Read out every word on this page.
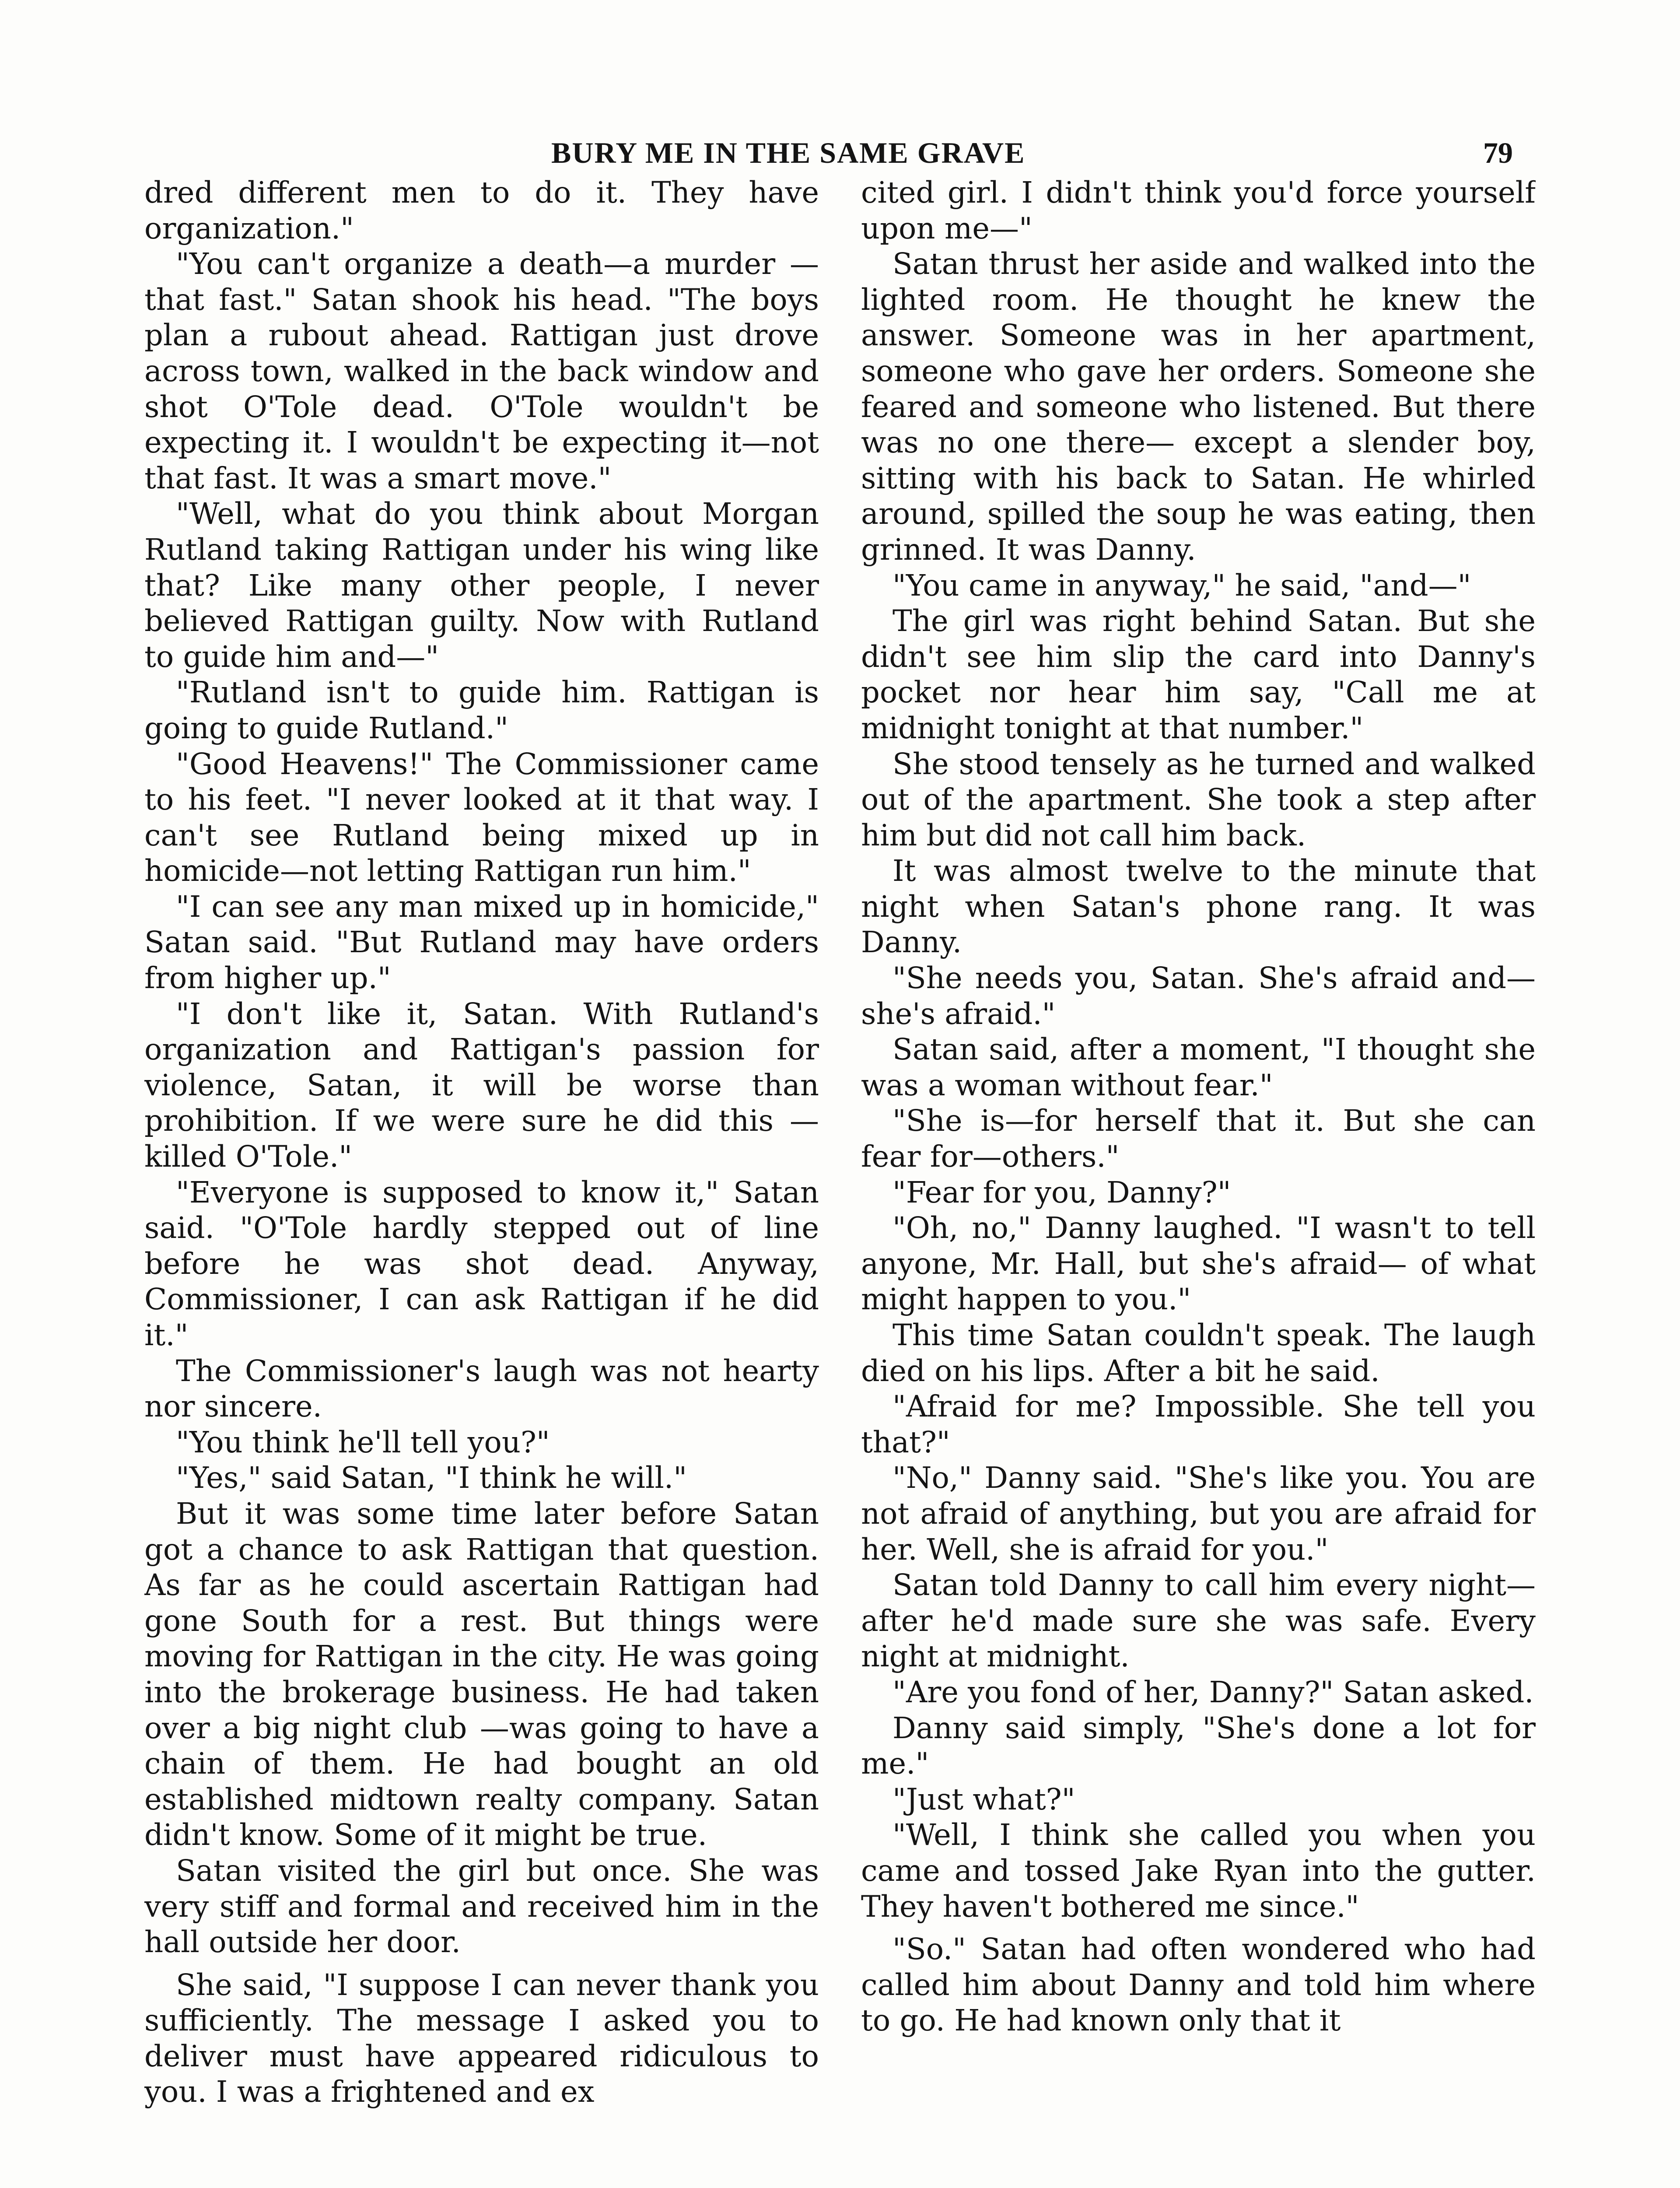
BURY ME IN THE SAME GRAVE	79

dred different men to do it. They have organization."

"You can't organize a death—a murder —that fast." Satan shook his head. "The boys plan a rubout ahead. Rattigan just drove across town, walked in the back window and shot O'Tole dead. O'Tole wouldn't be expecting it. I wouldn't be expecting it—not that fast. It was a smart move."

"Well, what do you think about Morgan Rutland taking Rattigan under his wing like that? Like many other people, I never believed Rattigan guilty. Now with Rutland to guide him and—"

"Rutland isn't to guide him. Rattigan is going to guide Rutland."

"Good Heavens!" The Commissioner came to his feet. "I never looked at it that way. I can't see Rutland being mixed up in homicide—not letting Rattigan run him."

"I can see any man mixed up in homicide," Satan said. "But Rutland may have orders from higher up."

"I don't like it, Satan. With Rutland's organization and Rattigan's passion for violence, Satan, it will be worse than prohibition. If we were sure he did this —killed O'Tole."

"Everyone is supposed to know it," Satan said. "O'Tole hardly stepped out of line before he was shot dead. Anyway, Commissioner, I can ask Rattigan if he did it."

The Commissioner's laugh was not hearty nor sincere.

"You think he'll tell you?"

"Yes," said Satan, "I think he will."

But it was some time later before Satan got a chance to ask Rattigan that question. As far as he could ascertain Rattigan had gone South for a rest. But things were moving for Rattigan in the city. He was going into the brokerage business. He had taken over a big night club —was going to have a chain of them. He had bought an old established midtown realty company. Satan didn't know. Some of it might be true.

Satan visited the girl but once. She was very stiff and formal and received him in the hall outside her door.

She said, "I suppose I can never thank you sufficiently. The message I asked you to deliver must have appeared ridiculous to you. I was a frightened and ex

cited girl. I didn't think you'd force yourself upon me—"

Satan thrust her aside and walked into the lighted room. He thought he knew the answer. Someone was in her apartment, someone who gave her orders. Someone she feared and someone who listened. But there was no one there— except a slender boy, sitting with his back to Satan. He whirled around, spilled the soup he was eating, then grinned. It was Danny.

"You came in anyway," he said, "and—"

The girl was right behind Satan. But she didn't see him slip the card into Danny's pocket nor hear him say, "Call me at midnight tonight at that number."

She stood tensely as he turned and walked out of the apartment. She took a step after him but did not call him back.

It was almost twelve to the minute that night when Satan's phone rang. It was Danny.

"She needs you, Satan. She's afraid and—she's afraid."

Satan said, after a moment, "I thought she was a woman without fear."

"She is—for herself that it. But she can fear for—others."

"Fear for you, Danny?"

"Oh, no," Danny laughed. "I wasn't to tell anyone, Mr. Hall, but she's afraid— of what might happen to you."

This time Satan couldn't speak. The laugh died on his lips. After a bit he said.

"Afraid for me? Impossible. She tell you that?"

"No," Danny said. "She's like you. You are not afraid of anything, but you are afraid for her. Well, she is afraid for you."

Satan told Danny to call him every night—after he'd made sure she was safe. Every night at midnight.

"Are you fond of her, Danny?" Satan asked.

Danny said simply, "She's done a lot for me."

"Just what?"

"Well, I think she called you when you came and tossed Jake Ryan into the gutter. They haven't bothered me since."

"So." Satan had often wondered who had called him about Danny and told him where to go. He had known only that it
